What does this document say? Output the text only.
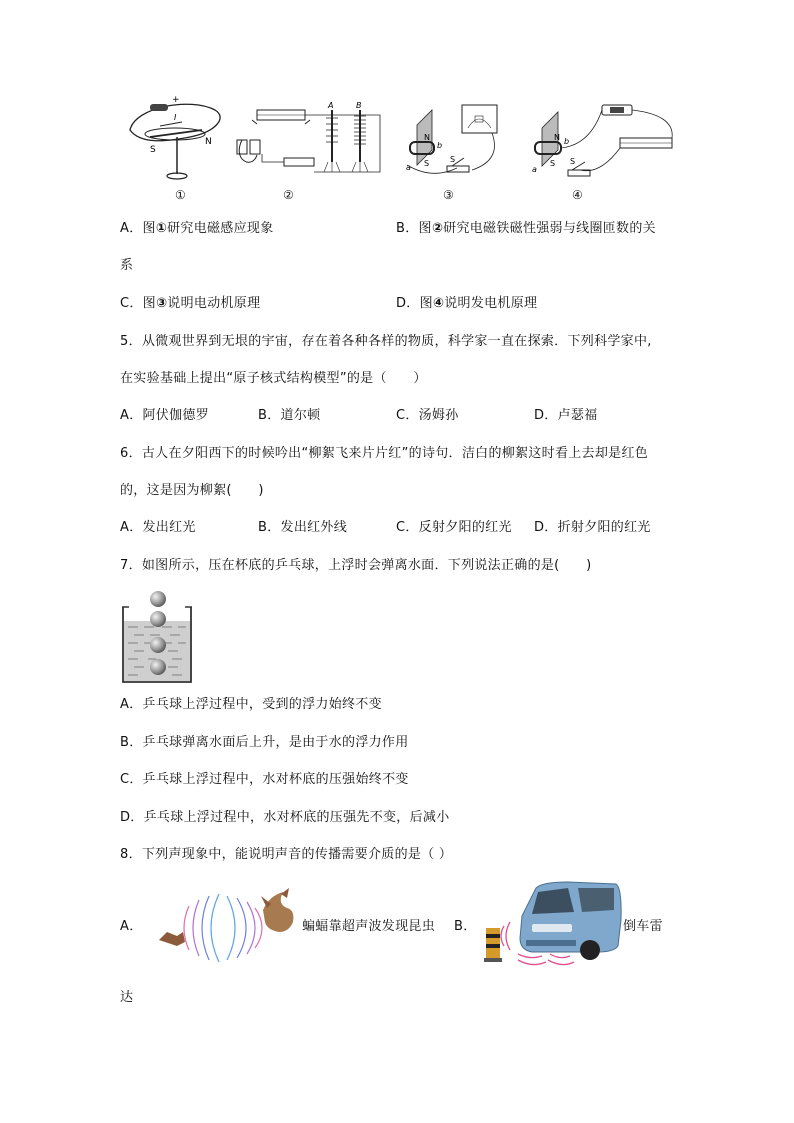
+
I
S
N
①
A	B
②
N
S
a
b
S
③
N
S
a
b
S
④
A．图①研究电磁感应现象	B．图②研究电磁铁磁性强弱与线圈匝数的关
系
C．图③说明电动机原理	D．图④说明发电机原理
5．从微观世界到无垠的宇宙，存在着各种各样的物质，科学家一直在探索．下列科学家中,
在实验基础上提出“原子核式结构模型”的是（　　）
A．阿伏伽德罗	B．道尔顿	C．汤姆孙	D．卢瑟福
6．古人在夕阳西下的时候吟出“柳絮飞来片片红”的诗句．洁白的柳絮这时看上去却是红色
的，这是因为柳絮(　　)
A．发出红光	B．发出红外线	C．反射夕阳的红光 D．折射夕阳的红光
7．如图所示，压在杯底的乒乓球，上浮时会弹离水面．下列说法正确的是(　　)
A．乒乓球上浮过程中，受到的浮力始终不变
B．乒乓球弹离水面后上升，是由于水的浮力作用
C．乒乓球上浮过程中，水对杯底的压强始终不变
D．乒乓球上浮过程中，水对杯底的压强先不变，后减小
8．下列声现象中，能说明声音的传播需要介质的是（ ）
A．	蝙蝠靠超声波发现昆虫 B．	倒车雷
达
